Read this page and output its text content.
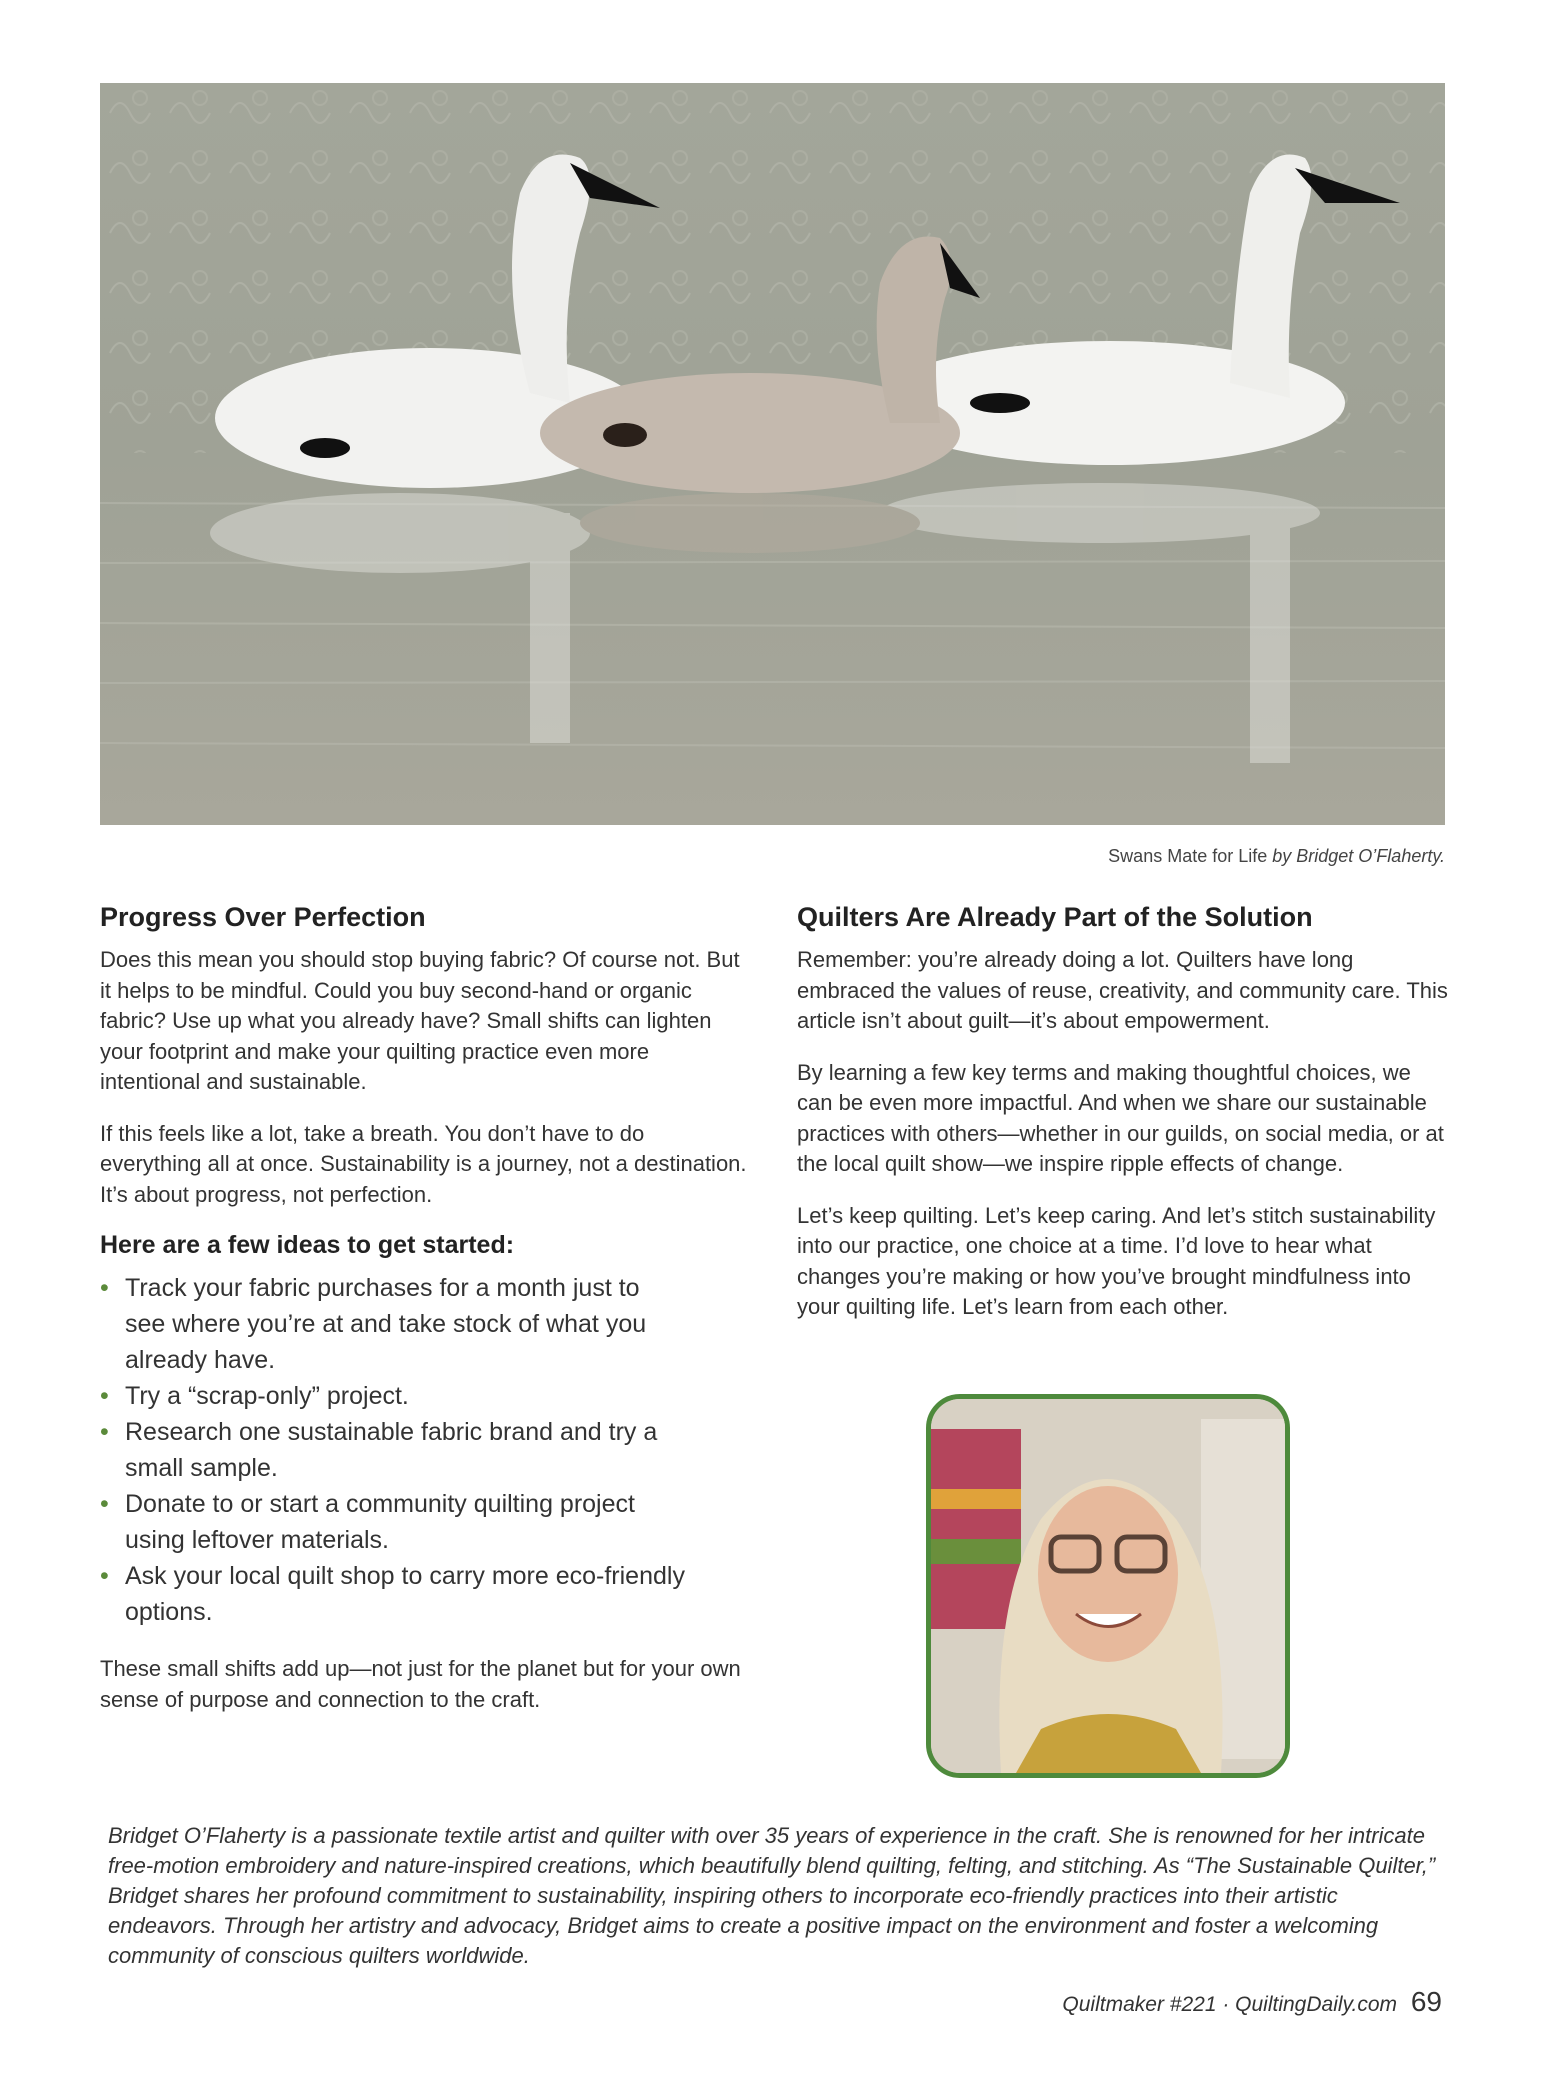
Swans Mate for Life by Bridget O’Flaherty.
Progress Over Perfection

Does this mean you should stop buying fabric? Of course not. But it helps to be mindful. Could you buy second-hand or organic fabric? Use up what you already have? Small shifts can lighten your footprint and make your quilting practice even more intentional and sustainable.

If this feels like a lot, take a breath. You don’t have to do everything all at once. Sustainability is a journey, not a destination. It’s about progress, not perfection.

Here are a few ideas to get started:
• Track your fabric purchases for a month just to see where you’re at and take stock of what you already have.
• Try a “scrap-only” project.
• Research one sustainable fabric brand and try a small sample.
• Donate to or start a community quilting project using leftover materials.
• Ask your local quilt shop to carry more eco-friendly options.

These small shifts add up—not just for the planet but for your own sense of purpose and connection to the craft.

Quilters Are Already Part of the Solution

Remember: you’re already doing a lot. Quilters have long embraced the values of reuse, creativity, and community care. This article isn’t about guilt—it’s about empowerment.

By learning a few key terms and making thoughtful choices, we can be even more impactful. And when we share our sustainable practices with others—whether in our guilds, on social media, or at the local quilt show—we inspire ripple effects of change.

Let’s keep quilting. Let’s keep caring. And let’s stitch sustainability into our practice, one choice at a time. I’d love to hear what changes you’re making or how you’ve brought mindfulness into your quilting life. Let’s learn from each other.

Bridget O’Flaherty is a passionate textile artist and quilter with over 35 years of experience in the craft. She is renowned for her intricate free-motion embroidery and nature-inspired creations, which beautifully blend quilting, felting, and stitching. As “The Sustainable Quilter,” Bridget shares her profound commitment to sustainability, inspiring others to incorporate eco-friendly practices into their artistic endeavors. Through her artistry and advocacy, Bridget aims to create a positive impact on the environment and foster a welcoming community of conscious quilters worldwide.
Quiltmaker #221 · QuiltingDaily.com 69
